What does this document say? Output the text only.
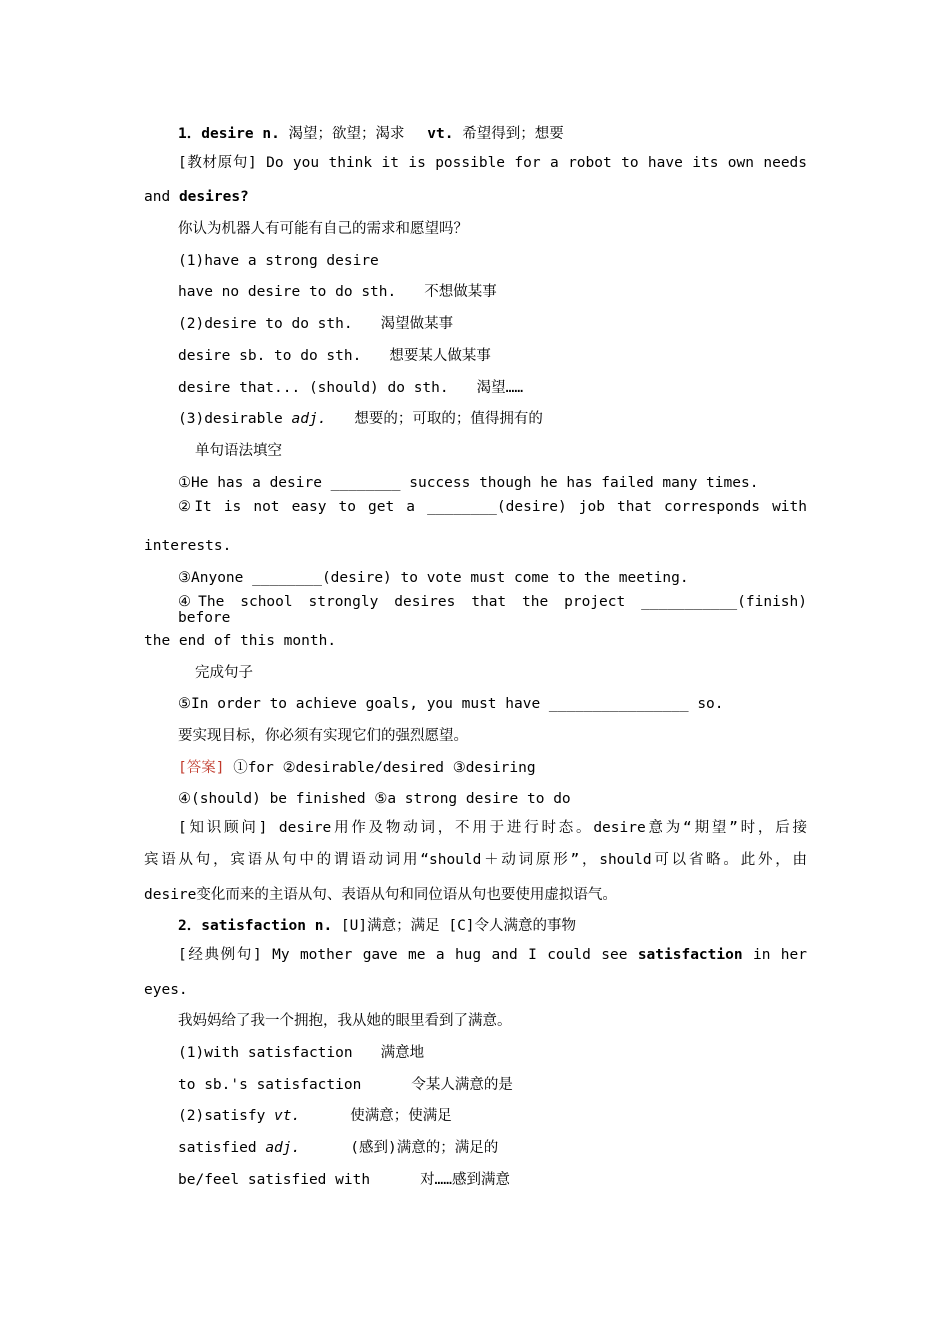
1．desire n. 渴望；欲望；渴求 vt. 希望得到；想要
[教材原句] Do you think it is possible for a robot to have its own needs
and desires?
你认为机器人有可能有自己的需求和愿望吗？
(1)have a strong desire
have no desire to do sth. 不想做某事
(2)desire to do sth. 渴望做某事
desire sb. to do sth. 想要某人做某事
desire that... (should) do sth. 渴望……
(3)desirable adj. 想要的；可取的；值得拥有的
单句语法填空
①He has a desire ________ success though he has failed many times.
②It is not easy to get a ________(desire) job that corresponds with
interests.
③Anyone ________(desire) to vote must come to the meeting.
④The school strongly desires that the project ___________(finish) before
the end of this month.
完成句子
⑤In order to achieve goals, you must have ________________ so.
要实现目标，你必须有实现它们的强烈愿望。
[答案] ①for ②desirable/desired ③desiring
④(should) be finished ⑤a strong desire to do
[知识顾问] desire用作及物动词，不用于进行时态。desire意为“期望”时，后接
宾语从句，宾语从句中的谓语动词用“should＋动词原形”，should可以省略。此外，由
desire变化而来的主语从句、表语从句和同位语从句也要使用虚拟语气。
2．satisfaction n. [U]满意；满足 [C]令人满意的事物
[经典例句] My mother gave me a hug and I could see satisfaction in her
eyes.
我妈妈给了我一个拥抱，我从她的眼里看到了满意。
(1)with satisfaction 满意地
to sb.'s satisfaction	令某人满意的是
(2)satisfy vt.	使满意；使满足
satisfied adj.	(感到)满意的；满足的
be/feel satisfied with	对……感到满意
